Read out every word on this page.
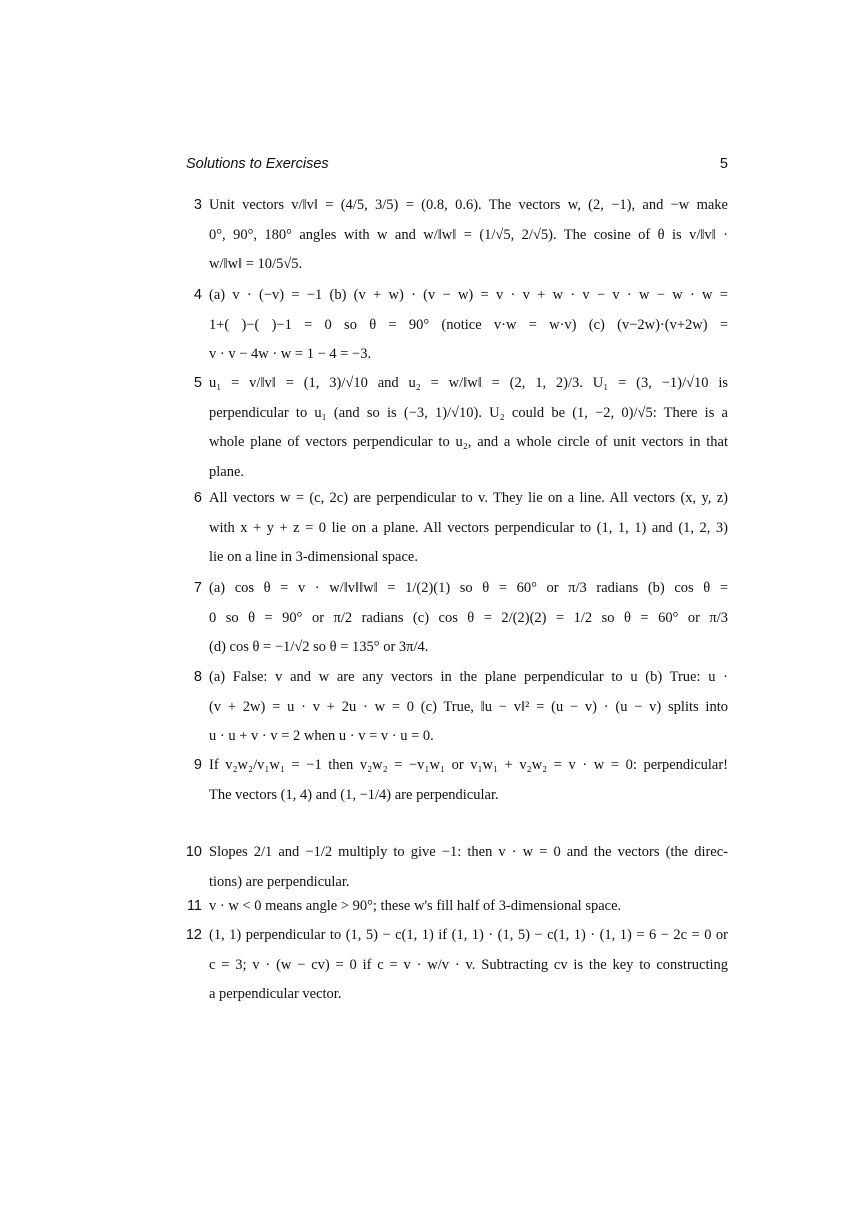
Solutions to Exercises	5
3 Unit vectors v/‖v‖ = (4/5, 3/5) = (0.8, 0.6). The vectors w, (2, −1), and −w make
0°, 90°, 180° angles with w and w/‖w‖ = (1/√5, 2/√5). The cosine of θ is v/‖v‖ ·
w/‖w‖ = 10/5√5.
4 (a) v · (−v) = −1 (b) (v + w) · (v − w) = v · v + w · v − v · w − w · w =
1+( )−( )−1 = 0 so θ = 90° (notice v·w = w·v) (c) (v−2w)·(v+2w) =
v · v − 4w · w = 1 − 4 = −3.
5 u₁ = v/‖v‖ = (1, 3)/√10 and u₂ = w/‖w‖ = (2, 1, 2)/3. U₁ = (3, −1)/√10 is
perpendicular to u₁ (and so is (−3, 1)/√10). U₂ could be (1, −2, 0)/√5: There is a
whole plane of vectors perpendicular to u₂, and a whole circle of unit vectors in that
plane.
6 All vectors w = (c, 2c) are perpendicular to v. They lie on a line. All vectors (x, y, z)
with x + y + z = 0 lie on a plane. All vectors perpendicular to (1, 1, 1) and (1, 2, 3)
lie on a line in 3-dimensional space.
7 (a) cos θ = v · w/‖v‖‖w‖ = 1/(2)(1) so θ = 60° or π/3 radians (b) cos θ =
0 so θ = 90° or π/2 radians (c) cos θ = 2/(2)(2) = 1/2 so θ = 60° or π/3
(d) cos θ = −1/√2 so θ = 135° or 3π/4.
8 (a) False: v and w are any vectors in the plane perpendicular to u (b) True: u ·
(v + 2w) = u · v + 2u · w = 0 (c) True, ‖u − v‖² = (u − v) · (u − v) splits into
u · u + v · v = 2 when u · v = v · u = 0.
9 If v₂w₂/v₁w₁ = −1 then v₂w₂ = −v₁w₁ or v₁w₁ + v₂w₂ = v · w = 0: perpendicular!
The vectors (1, 4) and (1, −1/4) are perpendicular.
10 Slopes 2/1 and −1/2 multiply to give −1: then v · w = 0 and the vectors (the direc-
tions) are perpendicular.
11 v · w < 0 means angle > 90°; these w's fill half of 3-dimensional space.
12 (1, 1) perpendicular to (1, 5) − c(1, 1) if (1, 1) · (1, 5) − c(1, 1) · (1, 1) = 6 − 2c = 0 or
c = 3; v · (w − cv) = 0 if c = v · w/v · v. Subtracting cv is the key to constructing
a perpendicular vector.
